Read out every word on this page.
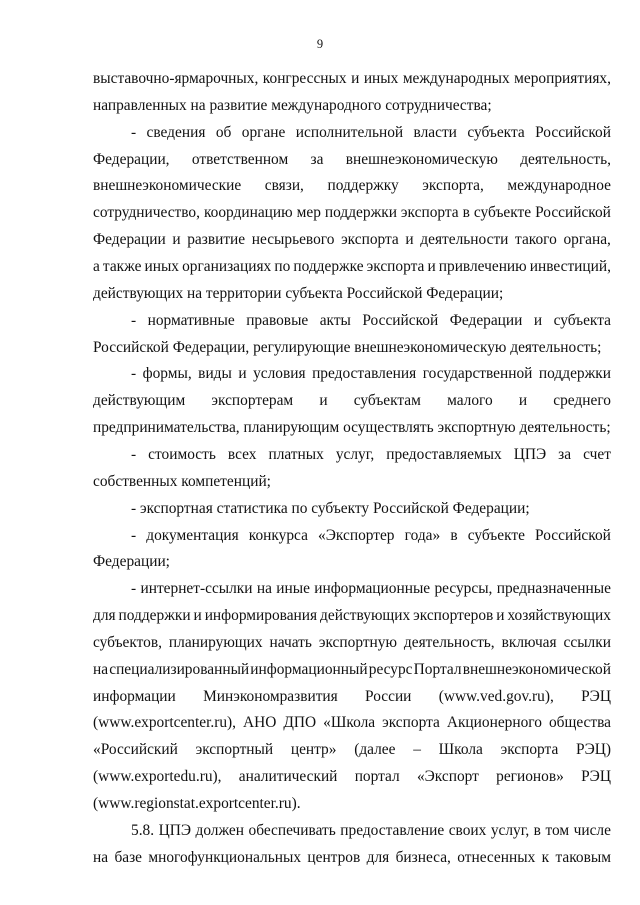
9
выставочно-ярмарочных, конгрессных и иных международных мероприятиях,
направленных на развитие международного сотрудничества;
- сведения об органе исполнительной власти субъекта Российской
Федерации, ответственном за внешнеэкономическую деятельность,
внешнеэкономические связи, поддержку экспорта, международное
сотрудничество, координацию мер поддержки экспорта в субъекте Российской
Федерации и развитие несырьевого экспорта и деятельности такого органа,
а также иных организациях по поддержке экспорта и привлечению инвестиций,
действующих на территории субъекта Российской Федерации;
- нормативные правовые акты Российской Федерации и субъекта
Российской Федерации, регулирующие внешнеэкономическую деятельность;
- формы, виды и условия предоставления государственной поддержки
действующим экспортерам и субъектам малого и среднего
предпринимательства, планирующим осуществлять экспортную деятельность;
- стоимость всех платных услуг, предоставляемых ЦПЭ за счет
собственных компетенций;
- экспортная статистика по субъекту Российской Федерации;
- документация конкурса «Экспортер года» в субъекте Российской
Федерации;
- интернет-ссылки на иные информационные ресурсы, предназначенные
для поддержки и информирования действующих экспортеров и хозяйствующих
субъектов, планирующих начать экспортную деятельность, включая ссылки
на специализированный информационный ресурс Портал внешнеэкономической
информации Минэкономразвития России (www.ved.gov.ru), РЭЦ
(www.exportcenter.ru), АНО ДПО «Школа экспорта Акционерного общества
«Российский экспортный центр» (далее – Школа экспорта РЭЦ)
(www.exportedu.ru), аналитический портал «Экспорт регионов» РЭЦ
(www.regionstat.exportcenter.ru).
5.8. ЦПЭ должен обеспечивать предоставление своих услуг, в том числе
на базе многофункциональных центров для бизнеса, отнесенных к таковым
